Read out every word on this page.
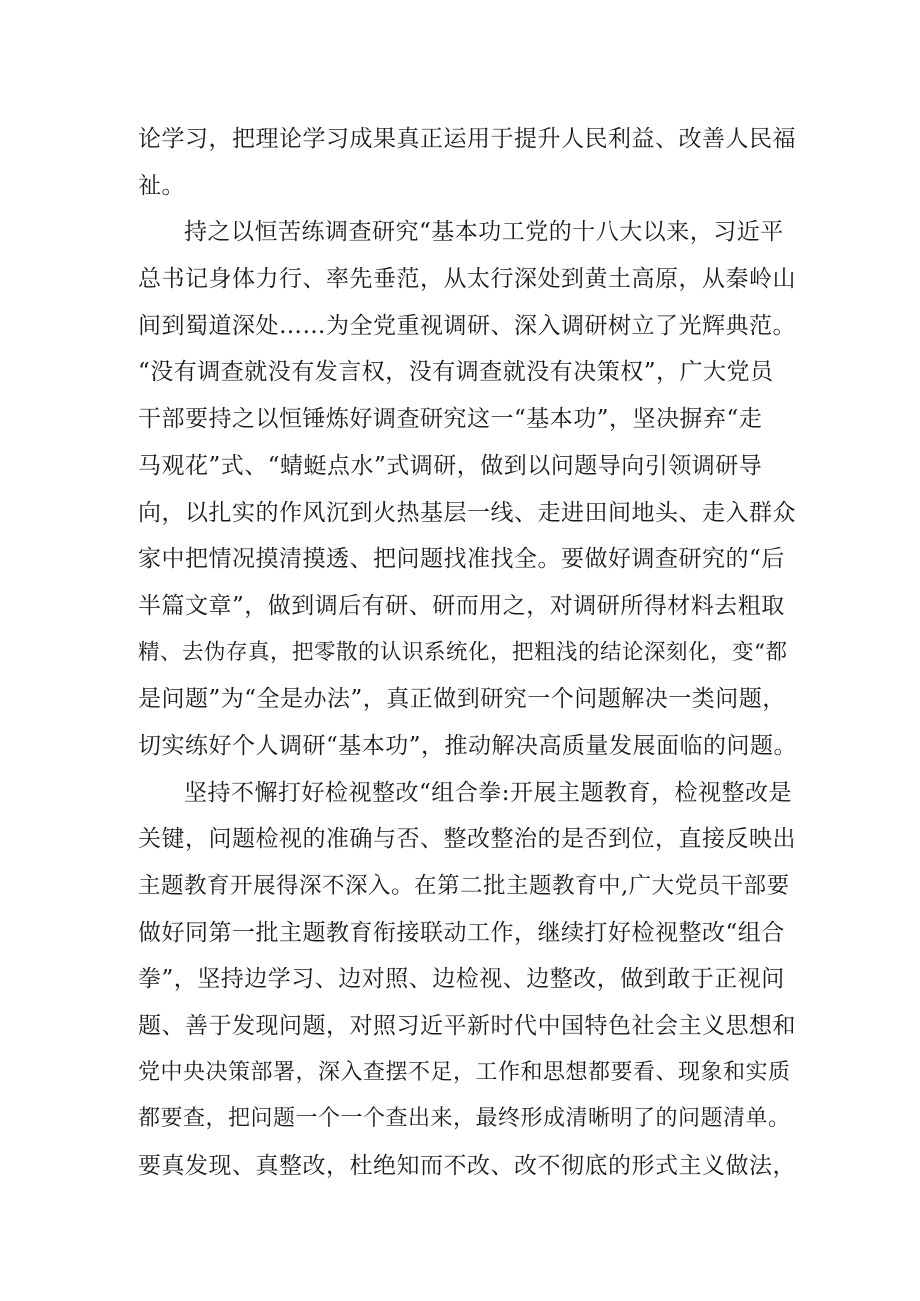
论学习，把理论学习成果真正运用于提升人民利益、改善人民福
祉。
持之以恒苦练调查研究“基本功工党的十八大以来，习近平
总书记身体力行、率先垂范，从太行深处到黄土高原，从秦岭山
间到蜀道深处……为全党重视调研、深入调研树立了光辉典范。
“没有调查就没有发言权，没有调查就没有决策权”，广大党员
干部要持之以恒锤炼好调查研究这一“基本功”，坚决摒弃“走
马观花”式、“蜻蜓点水”式调研，做到以问题导向引领调研导
向，以扎实的作风沉到火热基层一线、走进田间地头、走入群众
家中把情况摸清摸透、把问题找准找全。要做好调查研究的“后
半篇文章”，做到调后有研、研而用之，对调研所得材料去粗取
精、去伪存真，把零散的认识系统化，把粗浅的结论深刻化，变“都
是问题”为“全是办法”，真正做到研究一个问题解决一类问题，
切实练好个人调研“基本功”，推动解决高质量发展面临的问题。
坚持不懈打好检视整改“组合拳:开展主题教育，检视整改是
关键，问题检视的准确与否、整改整治的是否到位，直接反映出
主题教育开展得深不深入。在第二批主题教育中,广大党员干部要
做好同第一批主题教育衔接联动工作，继续打好检视整改“组合
拳”，坚持边学习、边对照、边检视、边整改，做到敢于正视问
题、善于发现问题，对照习近平新时代中国特色社会主义思想和
党中央决策部署，深入查摆不足，工作和思想都要看、现象和实质
都要查，把问题一个一个查出来，最终形成清晰明了的问题清单。
要真发现、真整改，杜绝知而不改、改不彻底的形式主义做法，
